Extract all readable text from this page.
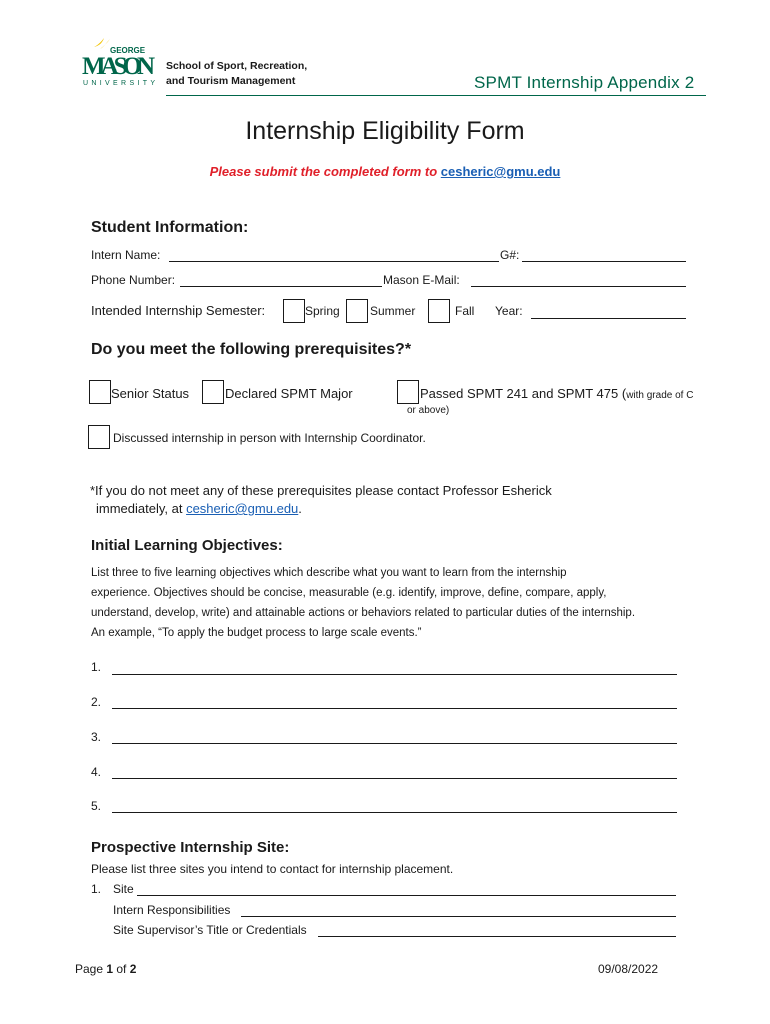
GEORGE
MASON
UNIVERSITY
School of Sport, Recreation,
and Tourism Management	SPMT Internship Appendix 2
Internship Eligibility Form
Please submit the completed form to cesheric@gmu.edu
Student Information:
Intern Name:	G#:
Phone Number:	Mason E-Mail:
Intended Internship Semester:	Spring	Summer	Fall Year:
Do you meet the following prerequisites?*
Senior Status	Declared SPMT Major	Passed SPMT 241 and SPMT 475 (with grade of C
or above)
Discussed internship in person with Internship Coordinator.
*If you do not meet any of these prerequisites please contact Professor Esherick
immediately, at cesheric@gmu.edu.
Initial Learning Objectives:
List three to five learning objectives which describe what you want to learn from the internship
experience. Objectives should be concise, measurable (e.g. identify, improve, define, compare, apply,
understand, develop, write) and attainable actions or behaviors related to particular duties of the internship.
An example, “To apply the budget process to large scale events.”
1.
2.
3.
4.
5.
Prospective Internship Site:
Please list three sites you intend to contact for internship placement.
1. Site
Intern Responsibilities
Site Supervisor’s Title or Credentials
Page 1 of 2	09/08/2022
